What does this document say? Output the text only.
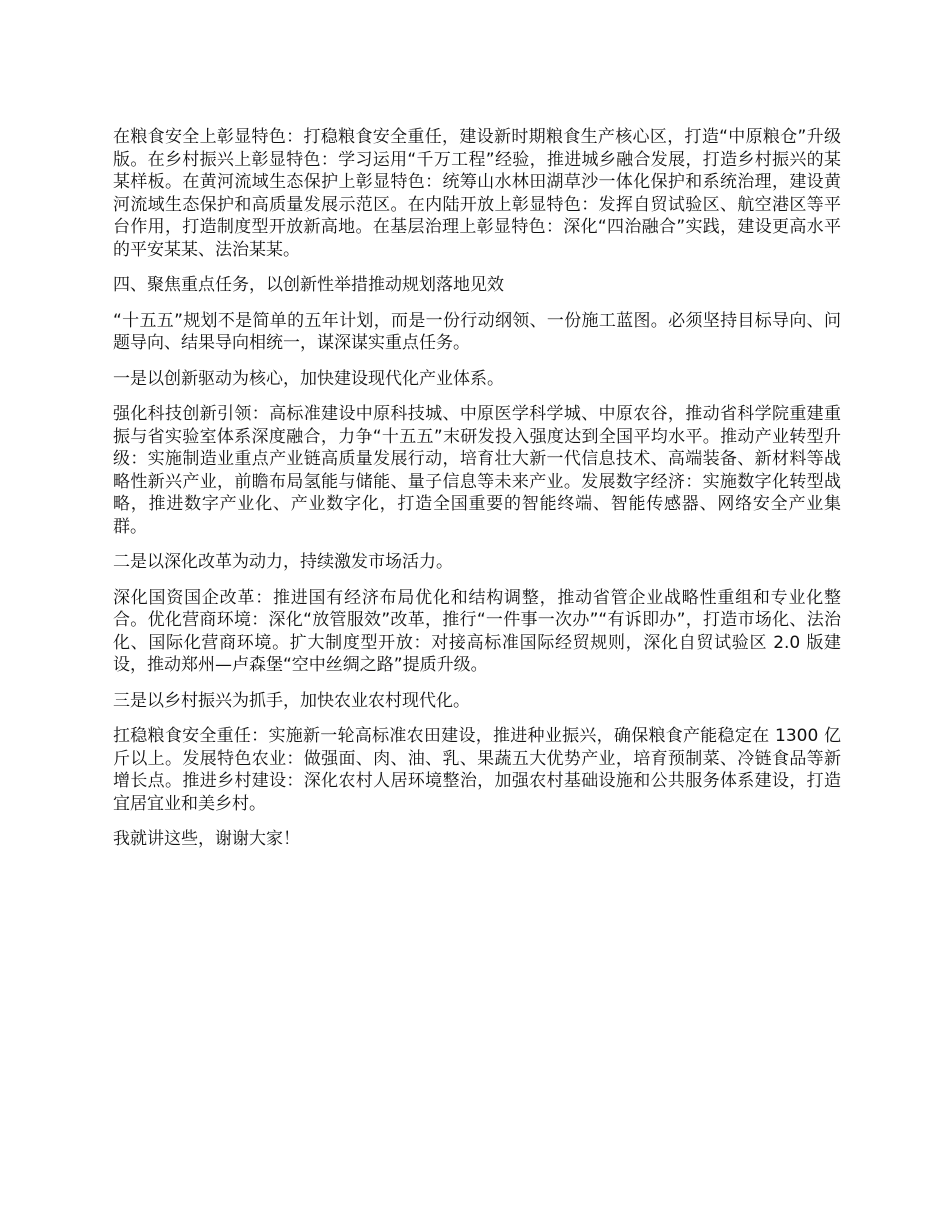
在粮食安全上彰显特色：打稳粮食安全重任，建设新时期粮食生产核心区，打造“中原粮仓”升级版。在乡村振兴上彰显特色：学习运用“千万工程”经验，推进城乡融合发展，打造乡村振兴的某某样板。在黄河流域生态保护上彰显特色：统筹山水林田湖草沙一体化保护和系统治理，建设黄河流域生态保护和高质量发展示范区。在内陆开放上彰显特色：发挥自贸试验区、航空港区等平台作用，打造制度型开放新高地。在基层治理上彰显特色：深化“四治融合”实践，建设更高水平的平安某某、法治某某。

四、聚焦重点任务，以创新性举措推动规划落地见效

“十五五”规划不是简单的五年计划，而是一份行动纲领、一份施工蓝图。必须坚持目标导向、问题导向、结果导向相统一，谋深谋实重点任务。

一是以创新驱动为核心，加快建设现代化产业体系。

强化科技创新引领：高标准建设中原科技城、中原医学科学城、中原农谷，推动省科学院重建重振与省实验室体系深度融合，力争“十五五”末研发投入强度达到全国平均水平。推动产业转型升级：实施制造业重点产业链高质量发展行动，培育壮大新一代信息技术、高端装备、新材料等战略性新兴产业，前瞻布局氢能与储能、量子信息等未来产业。发展数字经济：实施数字化转型战略，推进数字产业化、产业数字化，打造全国重要的智能终端、智能传感器、网络安全产业集群。

二是以深化改革为动力，持续激发市场活力。

深化国资国企改革：推进国有经济布局优化和结构调整，推动省管企业战略性重组和专业化整合。优化营商环境：深化“放管服效”改革，推行“一件事一次办”“有诉即办”，打造市场化、法治化、国际化营商环境。扩大制度型开放：对接高标准国际经贸规则，深化自贸试验区 2.0 版建设，推动郑州—卢森堡“空中丝绸之路”提质升级。

三是以乡村振兴为抓手，加快农业农村现代化。

扛稳粮食安全重任：实施新一轮高标准农田建设，推进种业振兴，确保粮食产能稳定在 1300 亿斤以上。发展特色农业：做强面、肉、油、乳、果蔬五大优势产业，培育预制菜、冷链食品等新增长点。推进乡村建设：深化农村人居环境整治，加强农村基础设施和公共服务体系建设，打造宜居宜业和美乡村。

我就讲这些，谢谢大家！
